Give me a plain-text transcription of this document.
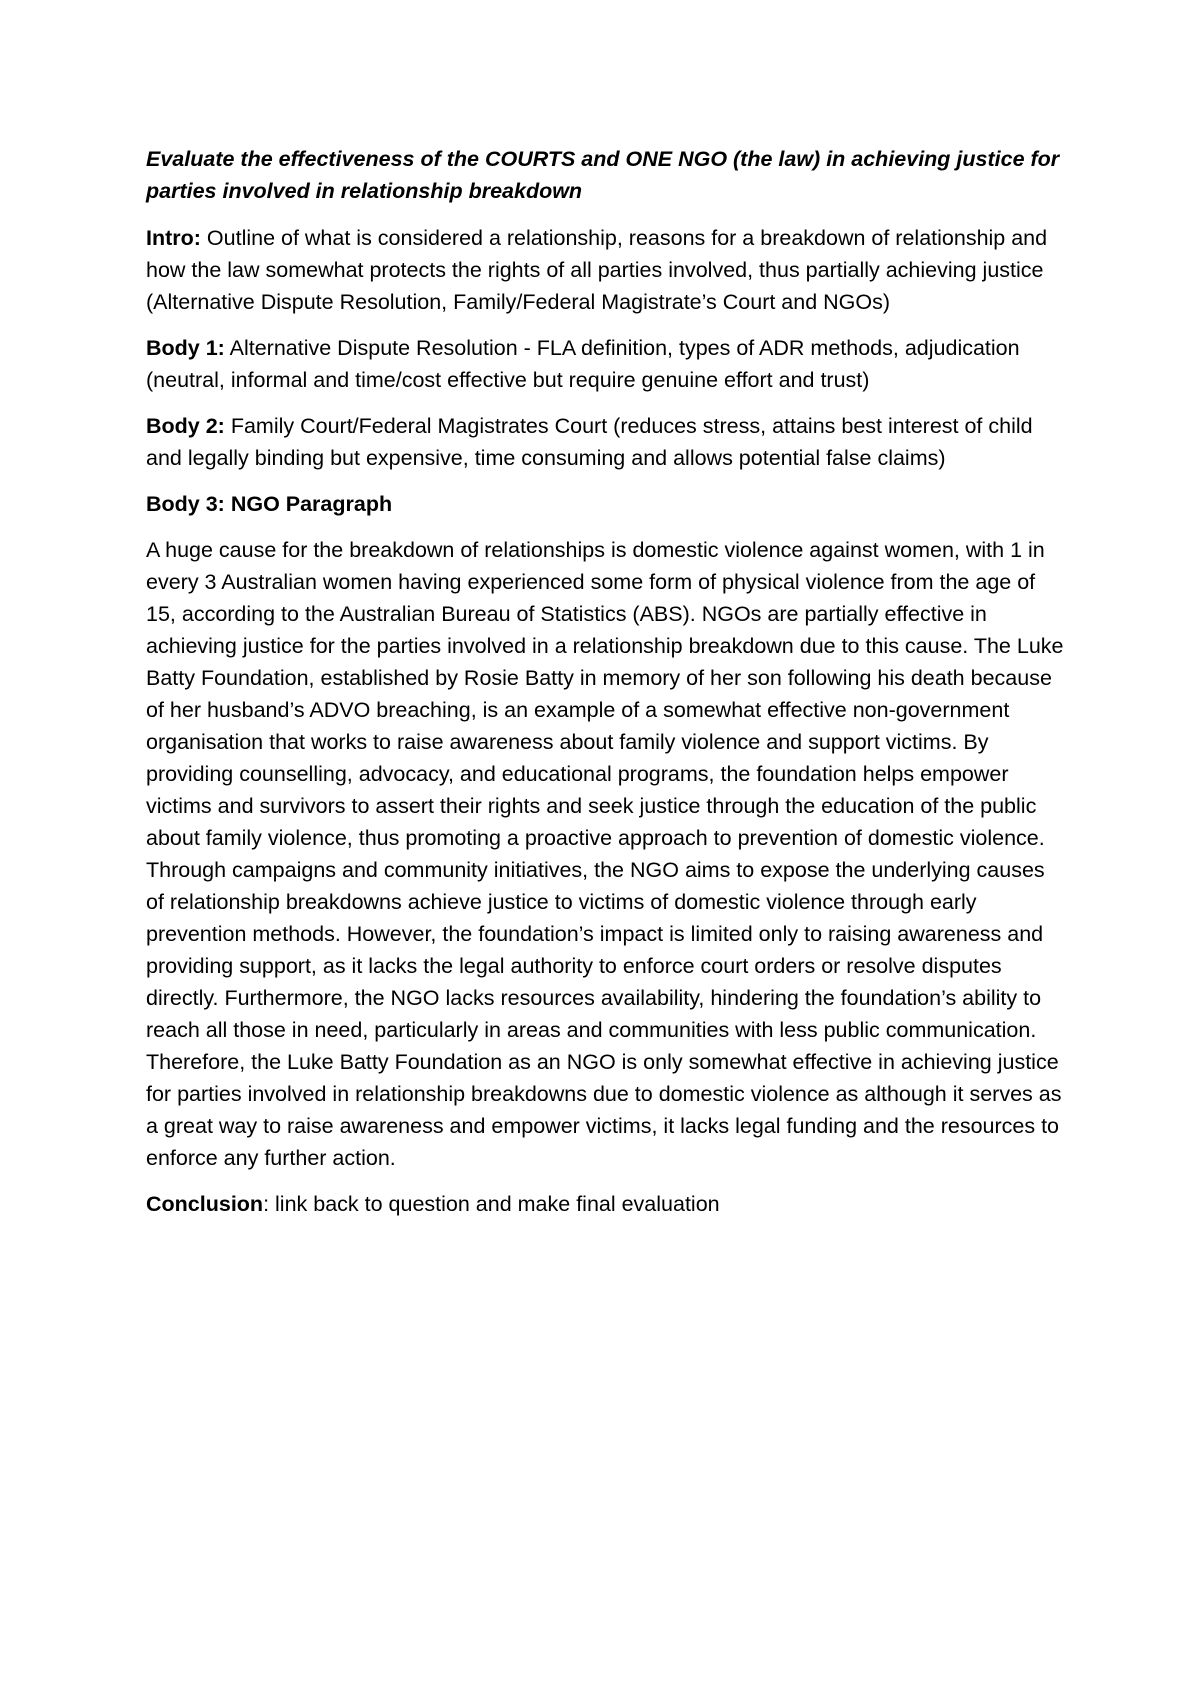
Evaluate the effectiveness of the COURTS and ONE NGO (the law) in achieving justice for parties involved in relationship breakdown

Intro: Outline of what is considered a relationship, reasons for a breakdown of relationship and how the law somewhat protects the rights of all parties involved, thus partially achieving justice (Alternative Dispute Resolution, Family/Federal Magistrate’s Court and NGOs)

Body 1: Alternative Dispute Resolution - FLA definition, types of ADR methods, adjudication (neutral, informal and time/cost effective but require genuine effort and trust)

Body 2: Family Court/Federal Magistrates Court (reduces stress, attains best interest of child and legally binding but expensive, time consuming and allows potential false claims)

Body 3: NGO Paragraph

A huge cause for the breakdown of relationships is domestic violence against women, with 1 in every 3 Australian women having experienced some form of physical violence from the age of 15, according to the Australian Bureau of Statistics (ABS). NGOs are partially effective in achieving justice for the parties involved in a relationship breakdown due to this cause. The Luke Batty Foundation, established by Rosie Batty in memory of her son following his death because of her husband’s ADVO breaching, is an example of a somewhat effective non-government organisation that works to raise awareness about family violence and support victims. By providing counselling, advocacy, and educational programs, the foundation helps empower victims and survivors to assert their rights and seek justice through the education of the public about family violence, thus promoting a proactive approach to prevention of domestic violence. Through campaigns and community initiatives, the NGO aims to expose the underlying causes of relationship breakdowns achieve justice to victims of domestic violence through early prevention methods. However, the foundation’s impact is limited only to raising awareness and providing support, as it lacks the legal authority to enforce court orders or resolve disputes directly. Furthermore, the NGO lacks resources availability, hindering the foundation’s ability to reach all those in need, particularly in areas and communities with less public communication. Therefore, the Luke Batty Foundation as an NGO is only somewhat effective in achieving justice for parties involved in relationship breakdowns due to domestic violence as although it serves as a great way to raise awareness and empower victims, it lacks legal funding and the resources to enforce any further action.

Conclusion: link back to question and make final evaluation
